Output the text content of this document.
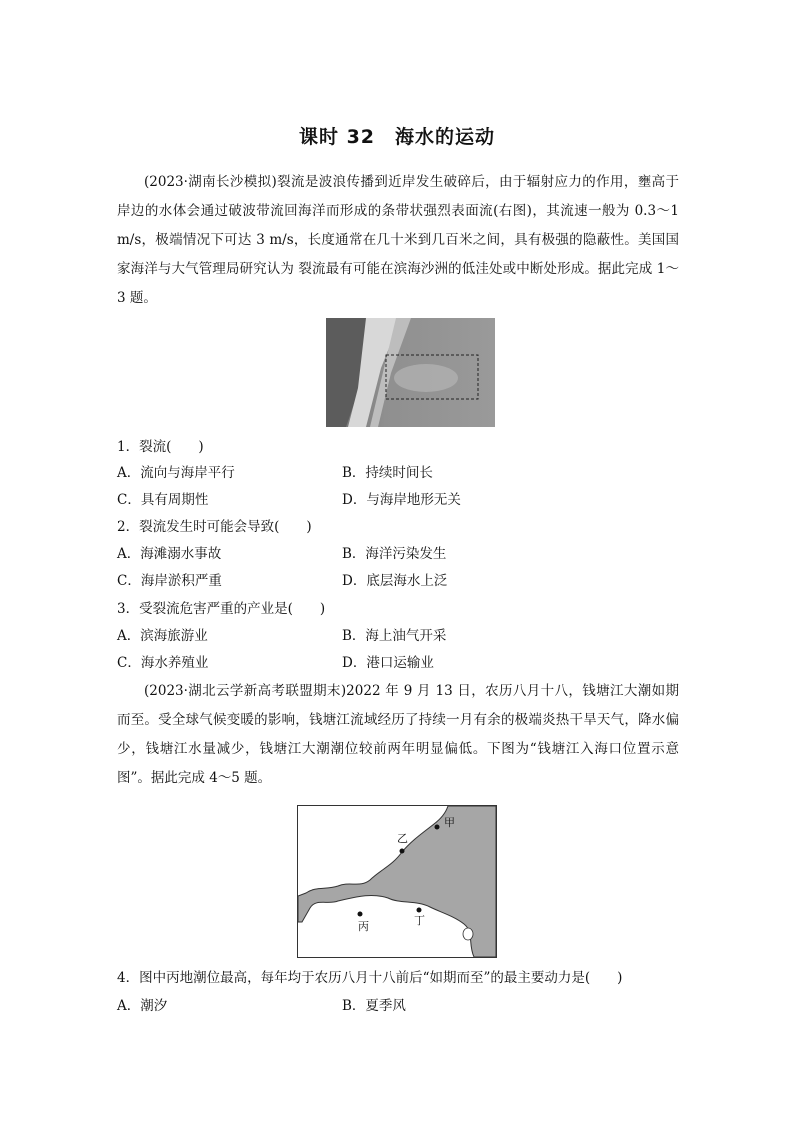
课时 32　海水的运动

(2023·湖南长沙模拟)裂流是波浪传播到近岸发生破碎后，由于辐射应力的作用，壅高于岸边的水体会通过破波带流回海洋而形成的条带状强烈表面流(右图)，其流速一般为 0.3～1 m/s，极端情况下可达 3 m/s，长度通常在几十米到几百米之间，具有极强的隐蔽性。美国国家海洋与大气管理局研究认为 裂流最有可能在滨海沙洲的低洼处或中断处形成。据此完成 1～3 题。

1．裂流(　　)
A．流向与海岸平行	B．持续时间长
C．具有周期性	D．与海岸地形无关
2．裂流发生时可能会导致(　　)
A．海滩溺水事故	B．海洋污染发生
C．海岸淤积严重	D．底层海水上泛
3．受裂流危害严重的产业是(　　)
A．滨海旅游业	B．海上油气开采
C．海水养殖业	D．港口运输业

(2023·湖北云学新高考联盟期末)2022 年 9 月 13 日，农历八月十八，钱塘江大潮如期而至。受全球气候变暖的影响，钱塘江流域经历了持续一月有余的极端炎热干旱天气，降水偏少，钱塘江水量减少，钱塘江大潮潮位较前两年明显偏低。下图为“钱塘江入海口位置示意图”。据此完成 4～5 题。

甲
乙
丙	丁
4．图中丙地潮位最高，每年均于农历八月十八前后“如期而至”的最主要动力是(　　)
A．潮汐	B．夏季风
